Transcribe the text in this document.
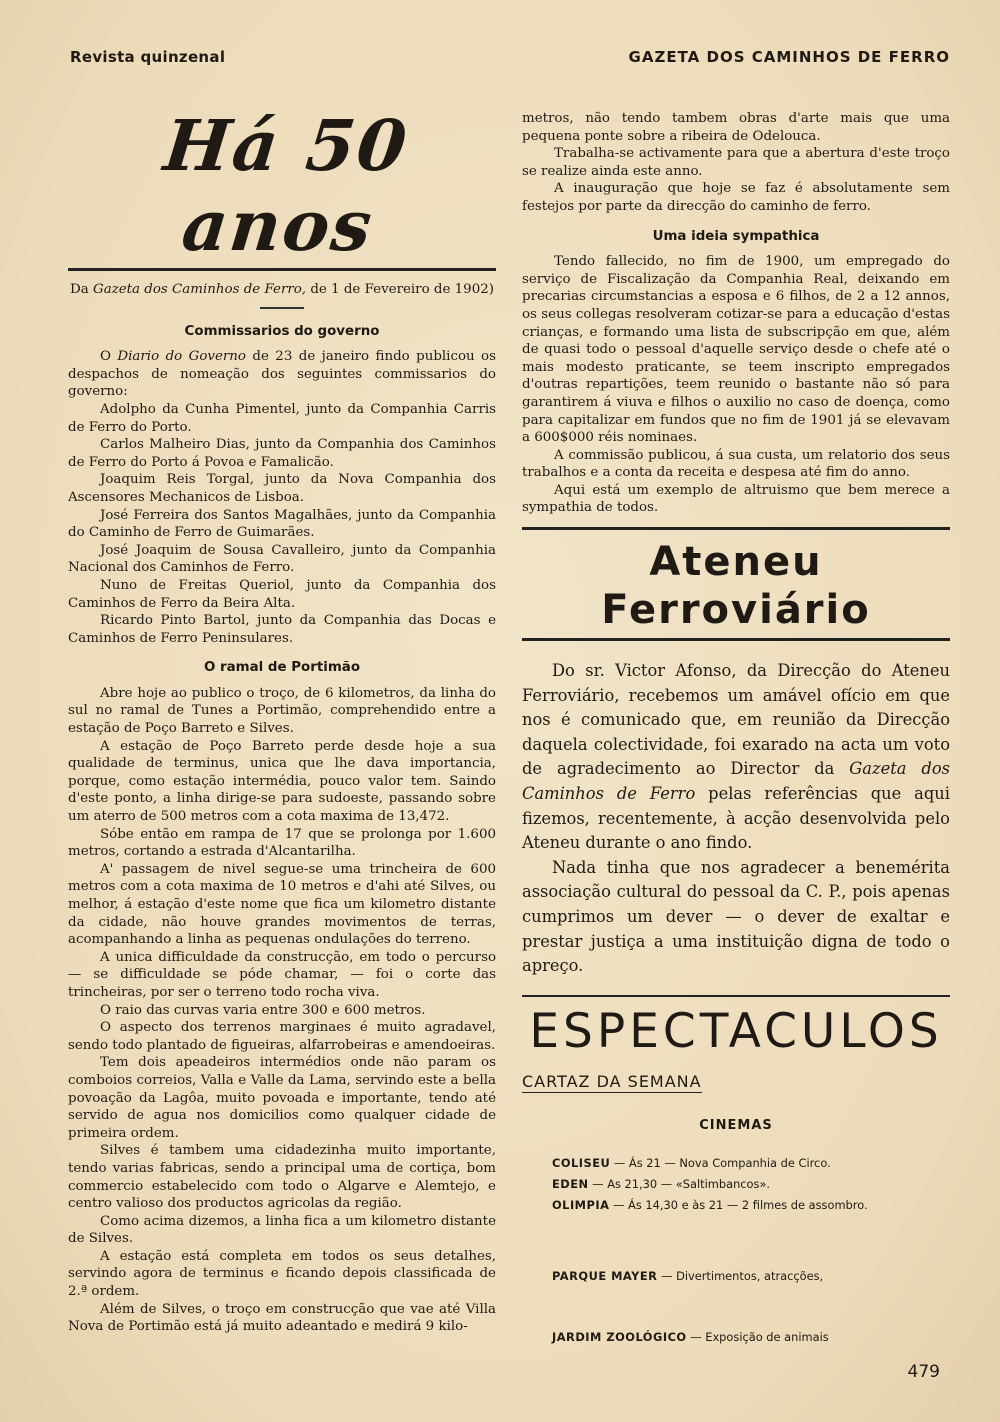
Revista quinzenal	GAZETA DOS CAMINHOS DE FERRO
Há 50 anos
Da Gazeta dos Caminhos de Ferro, de 1 de Fevereiro de 1902)
Commissarios do governo

O Diario do Governo de 23 de janeiro findo publicou os despachos de nomeação dos seguintes commissarios do governo:

Adolpho da Cunha Pimentel, junto da Companhia Carris de Ferro do Porto.

Carlos Malheiro Dias, junto da Companhia dos Caminhos de Ferro do Porto á Povoa e Famalicão.

Joaquim Reis Torgal, junto da Nova Companhia dos Ascensores Mechanicos de Lisboa.

José Ferreira dos Santos Magalhães, junto da Companhia do Caminho de Ferro de Guimarães.

José Joaquim de Sousa Cavalleiro, junto da Companhia Nacional dos Caminhos de Ferro.

Nuno de Freitas Queriol, junto da Companhia dos Caminhos de Ferro da Beira Alta.

Ricardo Pinto Bartol, junto da Companhia das Docas e Caminhos de Ferro Peninsulares.

O ramal de Portimão

Abre hoje ao publico o troço, de 6 kilometros, da linha do sul no ramal de Tunes a Portimão, comprehendido entre a estação de Poço Barreto e Silves.

A estação de Poço Barreto perde desde hoje a sua qualidade de terminus, unica que lhe dava importancia, porque, como estação intermédia, pouco valor tem. Saindo d'este ponto, a linha dirige-se para sudoeste, passando sobre um aterro de 500 metros com a cota maxima de 13,472.

Sóbe então em rampa de 17 que se prolonga por 1.600 metros, cortando a estrada d'Alcantarilha.

A' passagem de nivel segue-se uma trincheira de 600 metros com a cota maxima de 10 metros e d'ahi até Silves, ou melhor, á estação d'este nome que fica um kilometro distante da cidade, não houve grandes movimentos de terras, acompanhando a linha as pequenas ondulações do terreno.

A unica difficuldade da construcção, em todo o percurso — se difficuldade se póde chamar, — foi o corte das trincheiras, por ser o terreno todo rocha viva.

O raio das curvas varia entre 300 e 600 metros.

O aspecto dos terrenos marginaes é muito agradavel, sendo todo plantado de figueiras, alfarrobeiras e amendoeiras.

Tem dois apeadeiros intermédios onde não param os comboios correios, Valla e Valle da Lama, servindo este a bella povoação da Lagôa, muito povoada e importante, tendo até servido de agua nos domicilios como qualquer cidade de primeira ordem.

Silves é tambem uma cidadezinha muito importante, tendo varias fabricas, sendo a principal uma de cortiça, bom commercio estabelecido com todo o Algarve e Alemtejo, e centro valioso dos productos agricolas da região.

Como acima dizemos, a linha fica a um kilometro distante de Silves.

A estação está completa em todos os seus detalhes, servindo agora de terminus e ficando depois classificada de 2.ª ordem.

Além de Silves, o troço em construcção que vae até Villa Nova de Portimão está já muito adeantado e medirá 9 kilo-

metros, não tendo tambem obras d'arte mais que uma pequena ponte sobre a ribeira de Odelouca.

Trabalha-se activamente para que a abertura d'este troço se realize ainda este anno.

A inauguração que hoje se faz é absolutamente sem festejos por parte da direcção do caminho de ferro.

Uma ideia sympathica

Tendo fallecido, no fim de 1900, um empregado do serviço de Fiscalização da Companhia Real, deixando em precarias circumstancias a esposa e 6 filhos, de 2 a 12 annos, os seus collegas resolveram cotizar-se para a educação d'estas crianças, e formando uma lista de subscripção em que, além de quasi todo o pessoal d'aquelle serviço desde o chefe até o mais modesto praticante, se teem inscripto empregados d'outras repartições, teem reunido o bastante não só para garantirem á viuva e filhos o auxilio no caso de doença, como para capitalizar em fundos que no fim de 1901 já se elevavam a 600$000 réis nominaes.

A commissão publicou, á sua custa, um relatorio dos seus trabalhos e a conta da receita e despesa até fim do anno.

Aqui está um exemplo de altruismo que bem merece a sympathia de todos.

Ateneu Ferroviário

Do sr. Victor Afonso, da Direcção do Ateneu Ferroviário, recebemos um amável ofício em que nos é comunicado que, em reunião da Direcção daquela colectividade, foi exarado na acta um voto de agradecimento ao Director da Gazeta dos Caminhos de Ferro pelas referências que aqui fizemos, recentemente, à acção desenvolvida pelo Ateneu durante o ano findo.

Nada tinha que nos agradecer a benemérita associação cultural do pessoal da C. P., pois apenas cumprimos um dever — o dever de exaltar e prestar justiça a uma instituição digna de todo o apreço.

ESPECTACULOS
CARTAZ DA SEMANA
CINEMAS
COLISEU — Ás 21 — Nova Companhia de Circo.
EDEN — As 21,30 — «Saltimbancos».
OLIMPIA — Ás 14,30 e às 21 — 2 filmes de assombro.
PARQUE MAYER — Divertimentos, atracções,
JARDIM ZOOLÓGICO — Exposição de animais
479
